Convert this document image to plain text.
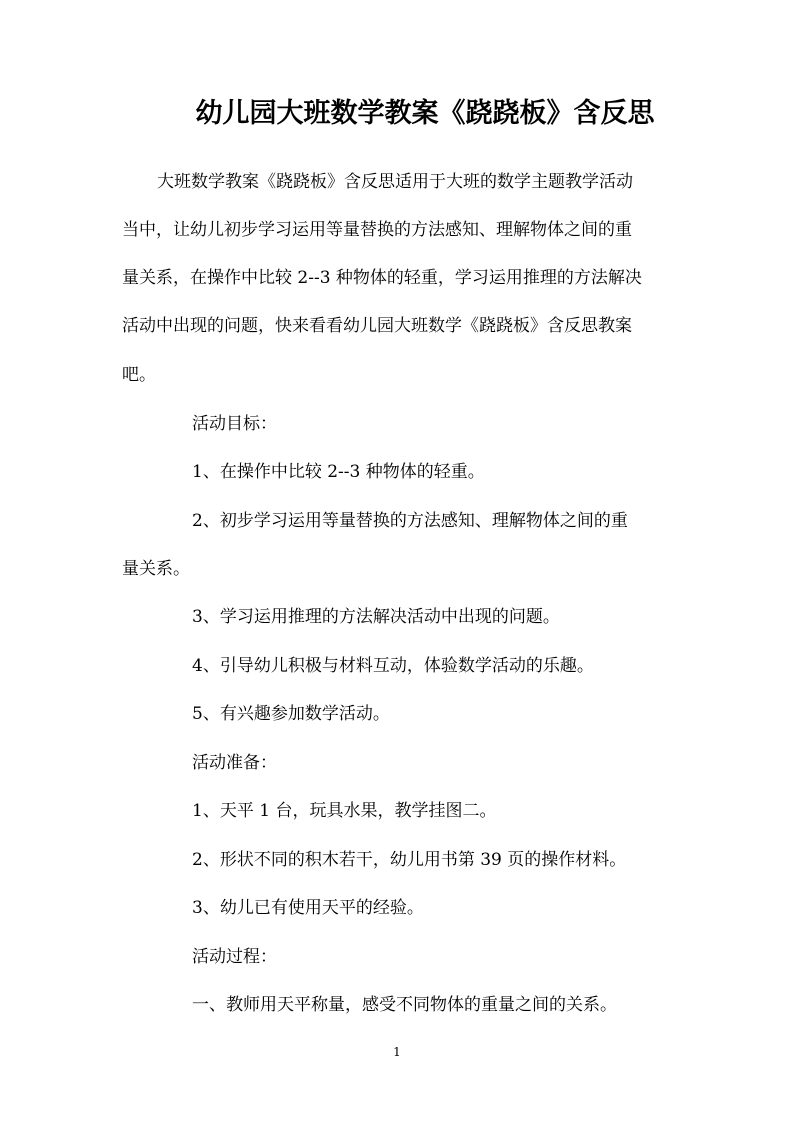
幼儿园大班数学教案《跷跷板》含反思
大班数学教案《跷跷板》含反思适用于大班的数学主题教学活动
当中，让幼儿初步学习运用等量替换的方法感知、理解物体之间的重
量关系，在操作中比较 2--3 种物体的轻重，学习运用推理的方法解决
活动中出现的问题，快来看看幼儿园大班数学《跷跷板》含反思教案
吧。
活动目标：
1、在操作中比较 2--3 种物体的轻重。
2、初步学习运用等量替换的方法感知、理解物体之间的重
量关系。
3、学习运用推理的方法解决活动中出现的问题。
4、引导幼儿积极与材料互动，体验数学活动的乐趣。
5、有兴趣参加数学活动。
活动准备：
1、天平 1 台，玩具水果，教学挂图二。
2、形状不同的积木若干，幼儿用书第 39 页的操作材料。
3、幼儿已有使用天平的经验。
活动过程：
一、教师用天平称量，感受不同物体的重量之间的关系。
1
